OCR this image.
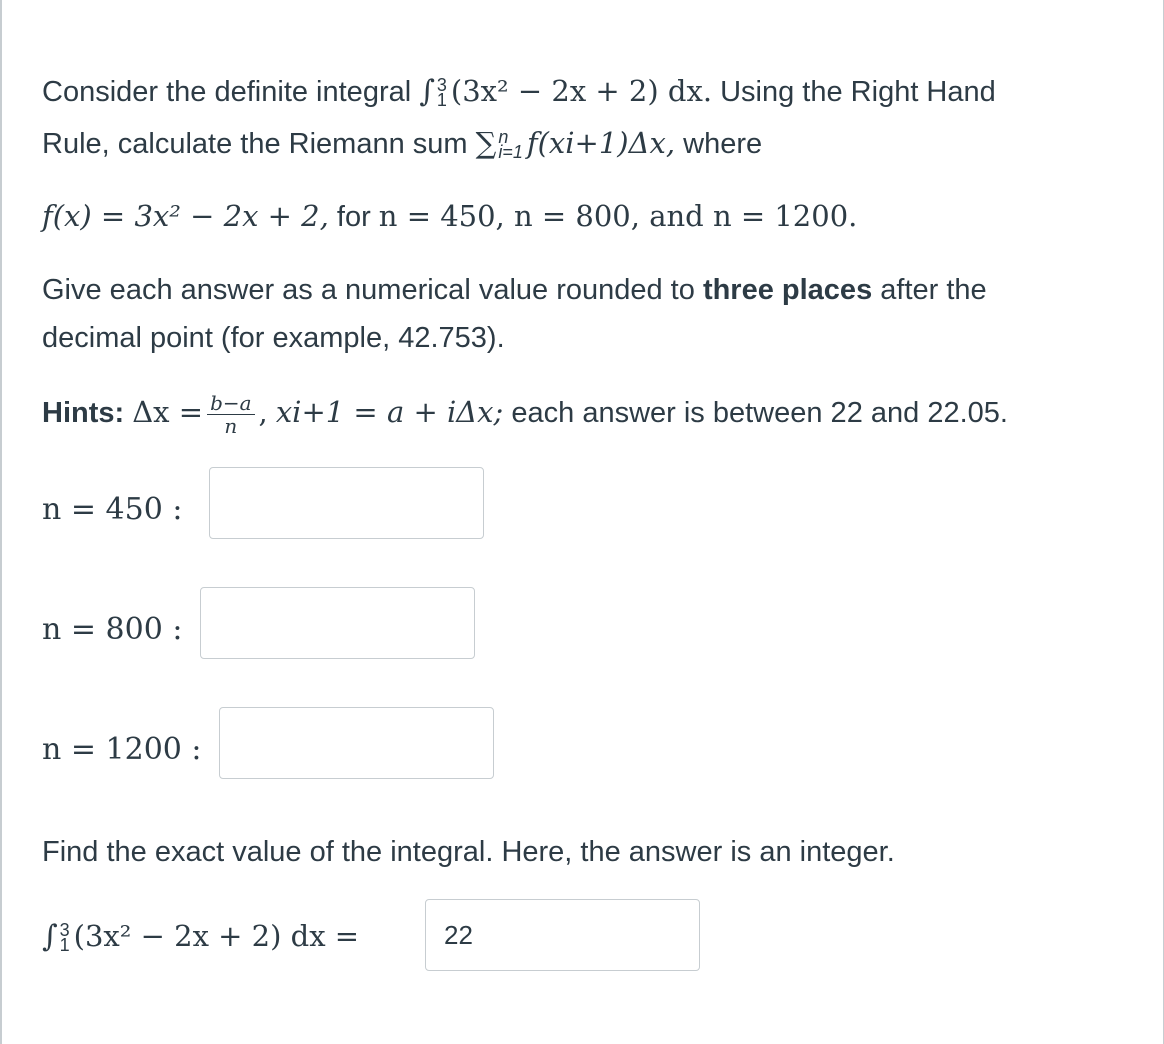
Consider the definite integral ∫ 3
1 (3x² − 2x + 2) dx. Using the Right Hand
Rule, calculate the Riemann sum ∑ n
i=1 f(xi+1)Δx, where
f(x) = 3x² − 2x + 2, for n = 450, n = 800, and n = 1200.
Give each answer as a numerical value rounded to three places after the
decimal point (for example, 42.753).
Hints: $\Delta x = \frac{b-a}{n}$ , xi+1 = a + iΔx; each answer is between 22 and 22.05.
n = 450 :
n = 800 :
n = 1200 :
Find the exact value of the integral. Here, the answer is an integer.
∫ 3
1 (3x² − 2x + 2) dx =
22
